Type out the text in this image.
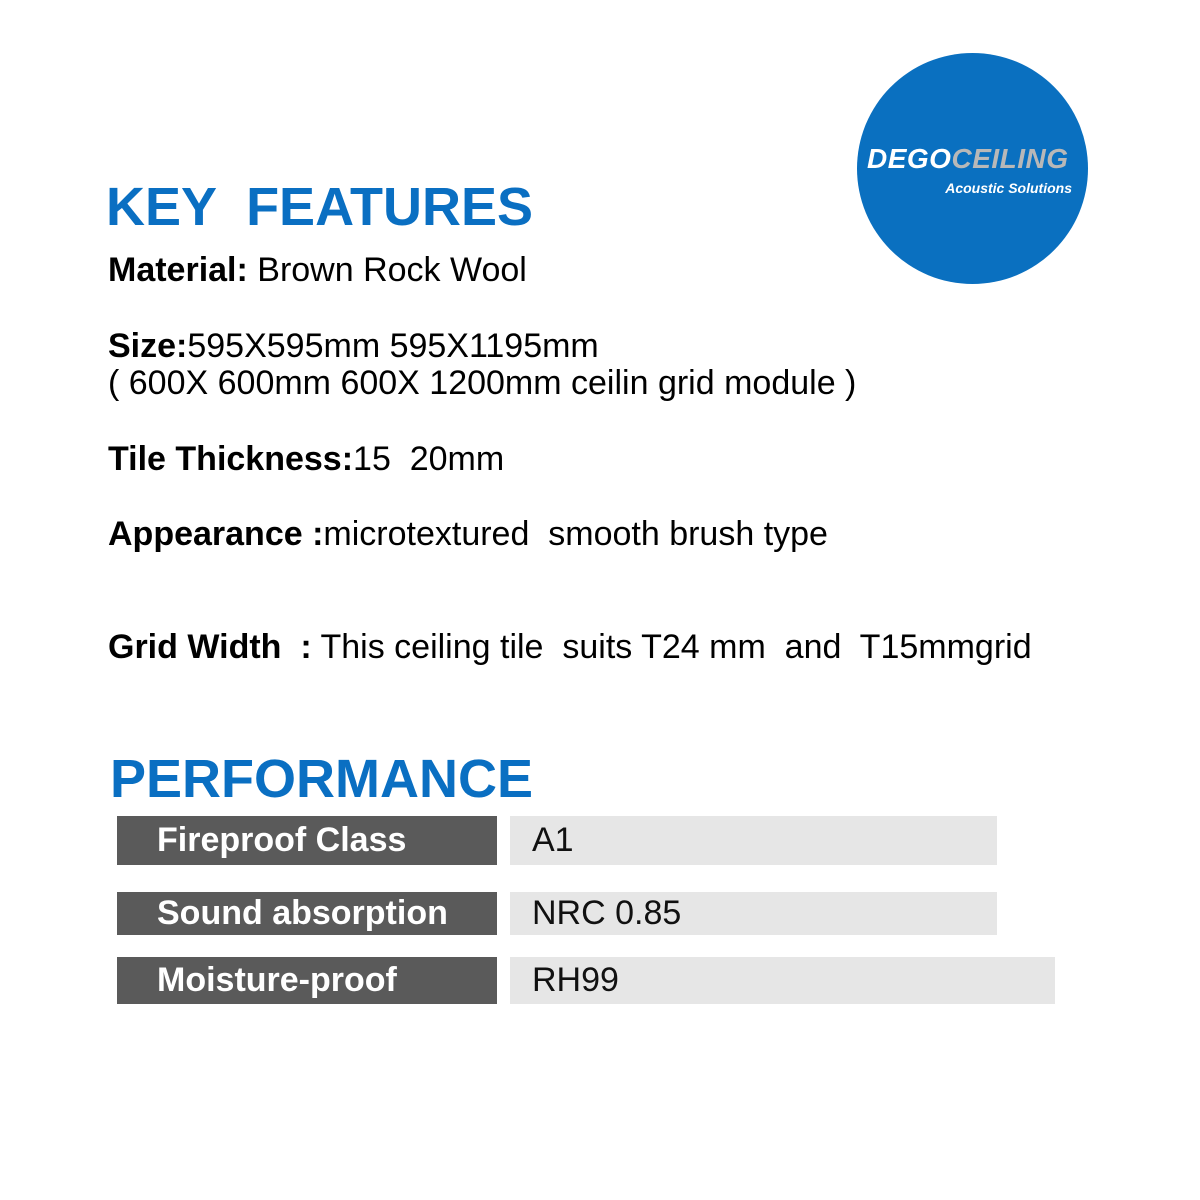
DEGOCEILING
Acoustic Solutions
KEY  FEATURES
Material: Brown Rock Wool
Size:595X595mm 595X1195mm
( 600X 600mm 600X 1200mm ceilin grid module )
Tile Thickness:15  20mm
Appearance :microtextured  smooth brush type
Grid Width  : This ceiling tile  suits T24 mm  and  T15mmgrid
PERFORMANCE
Fireproof Class	A1
Sound absorption	NRC 0.85
Moisture-proof	RH99
